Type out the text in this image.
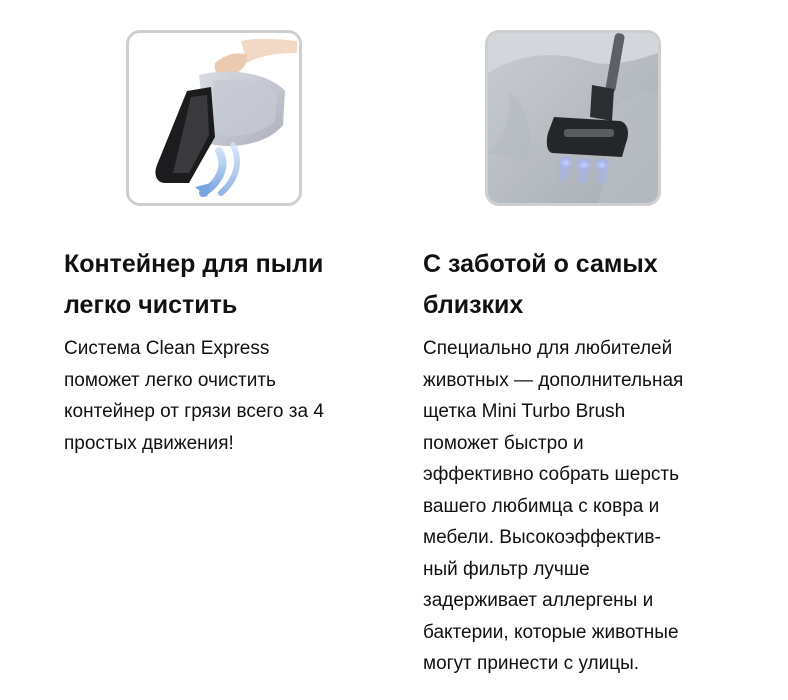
Контейнер для пыли
легко чистить

Система Clean Express
поможет легко очистить
контейнер от грязи всего за 4
простых движения!

С заботой о самых
близких

Специально для любителей
животных — дополнительная
щетка Mini Turbo Brush
поможет быстро и
эффективно собрать шерсть
вашего любимца с ковра и
мебели. Высокоэффектив-
ный фильтр лучше
задерживает аллергены и
бактерии, которые животные
могут принести с улицы.
